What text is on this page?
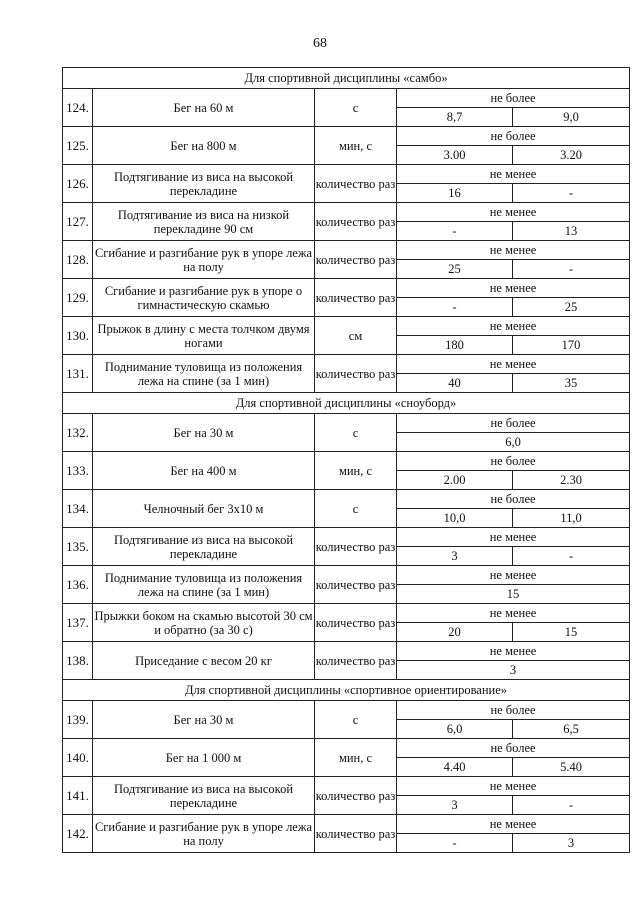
68
Для спортивной дисциплины «самбо»				
124.	Бег на 60 м	с	не более	
			8,7	9,0
125.	Бег на 800 м	мин, с	не более	
			3.00	3.20
126.	Подтягивание из виса на высокой перекладине	количество раз	не менее	
			16	-
127.	Подтягивание из виса на низкой перекладине 90 см	количество раз	не менее	
			-	13
128.	Сгибание и разгибание рук в упоре лежа на полу	количество раз	не менее	
			25	-
129.	Сгибание и разгибание рук в упоре о гимнастическую скамью	количество раз	не менее	
			-	25
130.	Прыжок в длину с места толчком двумя ногами	см	не менее	
			180	170
131.	Поднимание туловища из положения лежа на спине (за 1 мин)	количество раз	не менее	
			40	35
Для спортивной дисциплины «сноуборд»				
132.	Бег на 30 м	с	не более	
			6,0	
133.	Бег на 400 м	мин, с	не более	
			2.00	2.30
134.	Челночный бег 3х10 м	с	не более	
			10,0	11,0
135.	Подтягивание из виса на высокой перекладине	количество раз	не менее	
			3	-
136.	Поднимание туловища из положения лежа на спине (за 1 мин)	количество раз	не менее	
			15	
137.	Прыжки боком на скамью высотой 30 см и обратно (за 30 с)	количество раз	не менее	
			20	15
138.	Приседание с весом 20 кг	количество раз	не менее	
			3	
Для спортивной дисциплины «спортивное ориентирование»				
139.	Бег на 30 м	с	не более	
			6,0	6,5
140.	Бег на 1 000 м	мин, с	не более	
			4.40	5.40
141.	Подтягивание из виса на высокой перекладине	количество раз	не менее	
			3	-
142.	Сгибание и разгибание рук в упоре лежа на полу	количество раз	не менее	
			-	3
